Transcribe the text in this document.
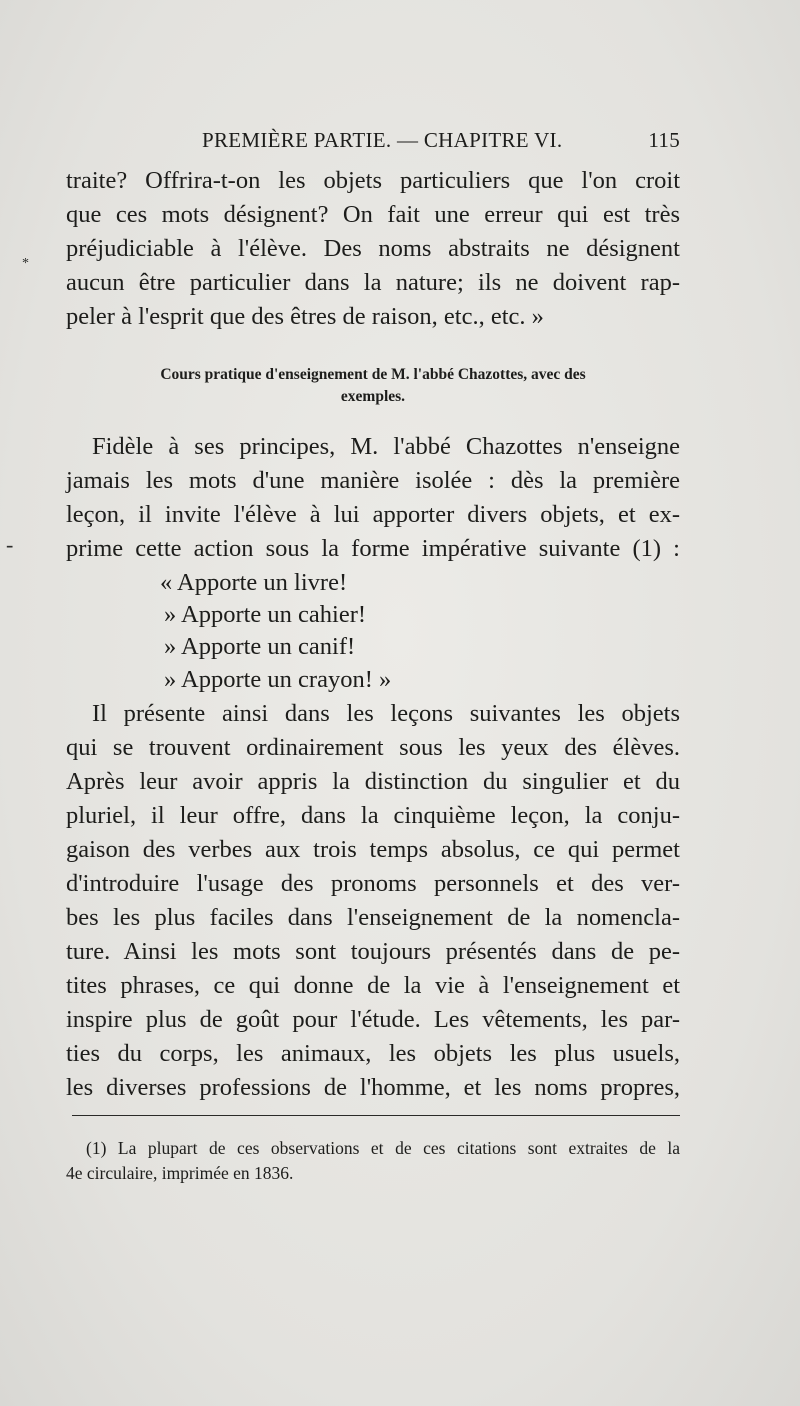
PREMIÈRE PARTIE. — CHAPITRE VI.	115
traite? Offrira-t-on les objets particuliers que l'on croit
que ces mots désignent? On fait une erreur qui est très
préjudiciable à l'élève. Des noms abstraits ne désignent
aucun être particulier dans la nature; ils ne doivent rap-
peler à l'esprit que des êtres de raison, etc., etc. »
Cours pratique d'enseignement de M. l'abbé Chazottes, avec des
exemples.
Fidèle à ses principes, M. l'abbé Chazottes n'enseigne
jamais les mots d'une manière isolée : dès la première
leçon, il invite l'élève à lui apporter divers objets, et ex-
prime cette action sous la forme impérative suivante (1) :
« Apporte un livre!
» Apporte un cahier!
» Apporte un canif!
» Apporte un crayon! »
Il présente ainsi dans les leçons suivantes les objets
qui se trouvent ordinairement sous les yeux des élèves.
Après leur avoir appris la distinction du singulier et du
pluriel, il leur offre, dans la cinquième leçon, la conju-
gaison des verbes aux trois temps absolus, ce qui permet
d'introduire l'usage des pronoms personnels et des ver-
bes les plus faciles dans l'enseignement de la nomencla-
ture. Ainsi les mots sont toujours présentés dans de pe-
tites phrases, ce qui donne de la vie à l'enseignement et
inspire plus de goût pour l'étude. Les vêtements, les par-
ties du corps, les animaux, les objets les plus usuels,
les diverses professions de l'homme, et les noms propres,
(1) La plupart de ces observations et de ces citations sont extraites de la
4e circulaire, imprimée en 1836.
*
-
